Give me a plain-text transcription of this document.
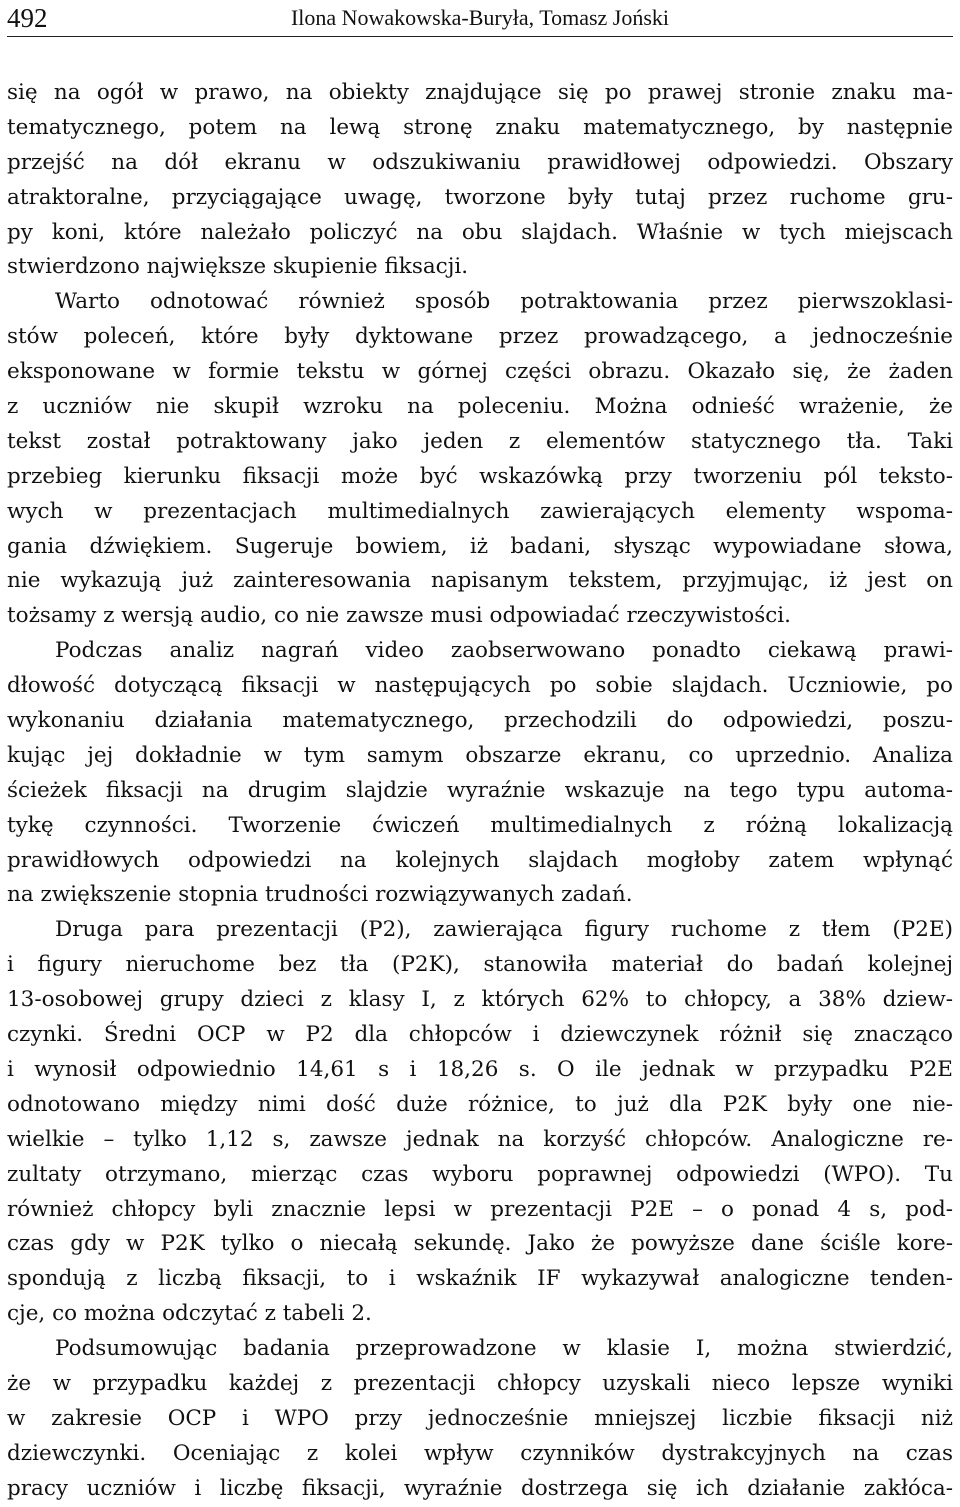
492	Ilona Nowakowska-Buryła, Tomasz Joński
się na ogół w prawo, na obiekty znajdujące się po prawej stronie znaku ma-
tematycznego, potem na lewą stronę znaku matematycznego, by następnie
przejść na dół ekranu w odszukiwaniu prawidłowej odpowiedzi. Obszary
atraktoralne, przyciągające uwagę, tworzone były tutaj przez ruchome gru-
py koni, które należało policzyć na obu slajdach. Właśnie w tych miejscach
stwierdzono największe skupienie fiksacji.
Warto odnotować również sposób potraktowania przez pierwszoklasi-
stów poleceń, które były dyktowane przez prowadzącego, a jednocześnie
eksponowane w formie tekstu w górnej części obrazu. Okazało się, że żaden
z uczniów nie skupił wzroku na poleceniu. Można odnieść wrażenie, że
tekst został potraktowany jako jeden z elementów statycznego tła. Taki
przebieg kierunku fiksacji może być wskazówką przy tworzeniu pól teksto-
wych w prezentacjach multimedialnych zawierających elementy wspoma-
gania dźwiękiem. Sugeruje bowiem, iż badani, słysząc wypowiadane słowa,
nie wykazują już zainteresowania napisanym tekstem, przyjmując, iż jest on
tożsamy z wersją audio, co nie zawsze musi odpowiadać rzeczywistości.
Podczas analiz nagrań video zaobserwowano ponadto ciekawą prawi-
dłowość dotyczącą fiksacji w następujących po sobie slajdach. Uczniowie, po
wykonaniu działania matematycznego, przechodzili do odpowiedzi, poszu-
kując jej dokładnie w tym samym obszarze ekranu, co uprzednio. Analiza
ścieżek fiksacji na drugim slajdzie wyraźnie wskazuje na tego typu automa-
tykę czynności. Tworzenie ćwiczeń multimedialnych z różną lokalizacją
prawidłowych odpowiedzi na kolejnych slajdach mogłoby zatem wpłynąć
na zwiększenie stopnia trudności rozwiązywanych zadań.
Druga para prezentacji (P2), zawierająca figury ruchome z tłem (P2E)
i figury nieruchome bez tła (P2K), stanowiła materiał do badań kolejnej
13-osobowej grupy dzieci z klasy I, z których 62% to chłopcy, a 38% dziew-
czynki. Średni OCP w P2 dla chłopców i dziewczynek różnił się znacząco
i wynosił odpowiednio 14,61 s i 18,26 s. O ile jednak w przypadku P2E
odnotowano między nimi dość duże różnice, to już dla P2K były one nie-
wielkie – tylko 1,12 s, zawsze jednak na korzyść chłopców. Analogiczne re-
zultaty otrzymano, mierząc czas wyboru poprawnej odpowiedzi (WPO). Tu
również chłopcy byli znacznie lepsi w prezentacji P2E – o ponad 4 s, pod-
czas gdy w P2K tylko o niecałą sekundę. Jako że powyższe dane ściśle kore-
spondują z liczbą fiksacji, to i wskaźnik IF wykazywał analogiczne tenden-
cje, co można odczytać z tabeli 2.
Podsumowując badania przeprowadzone w klasie I, można stwierdzić,
że w przypadku każdej z prezentacji chłopcy uzyskali nieco lepsze wyniki
w zakresie OCP i WPO przy jednocześnie mniejszej liczbie fiksacji niż
dziewczynki. Oceniając z kolei wpływ czynników dystrakcyjnych na czas
pracy uczniów i liczbę fiksacji, wyraźnie dostrzega się ich działanie zakłóca-
